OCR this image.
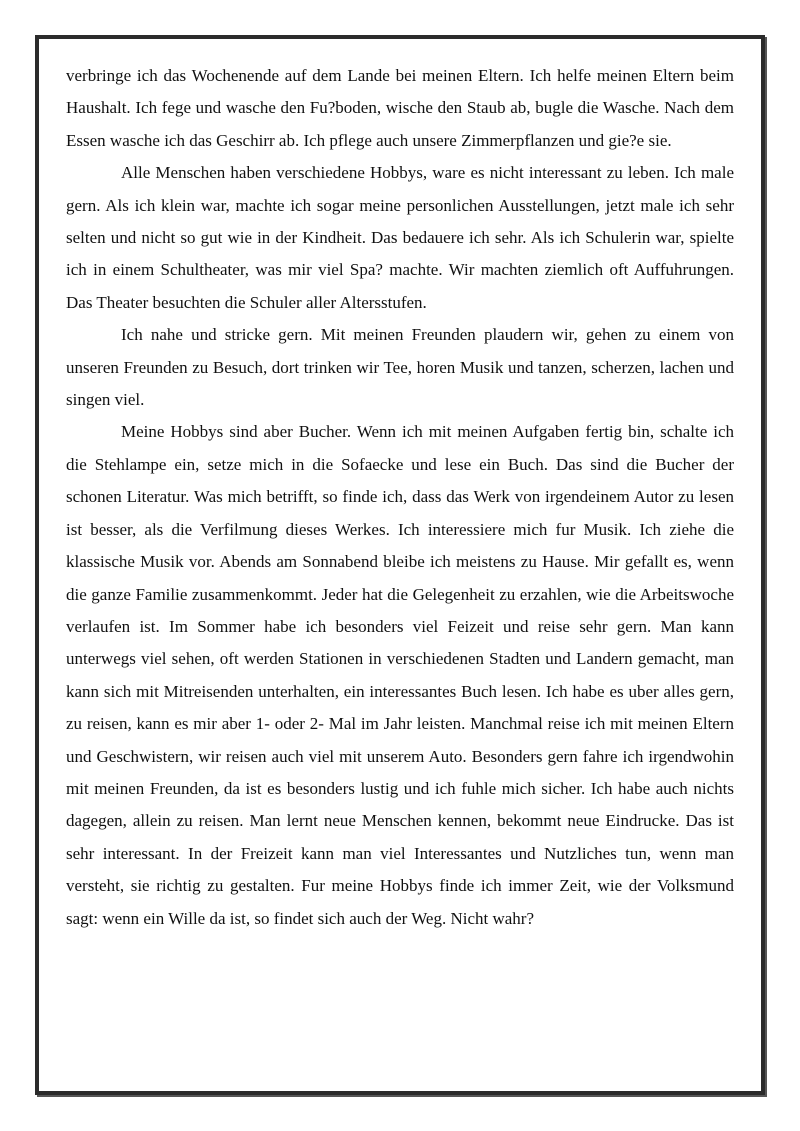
verbringe ich das Wochenende auf dem Lande bei meinen Eltern. Ich helfe meinen Eltern beim Haushalt. Ich fege und wasche den Fu?boden, wische den Staub ab, bugle die Wasche. Nach dem Essen wasche ich das Geschirr ab. Ich pflege auch unsere Zimmerpflanzen und gie?e sie.

Alle Menschen haben verschiedene Hobbys, ware es nicht interessant zu leben. Ich male gern. Als ich klein war, machte ich sogar meine personlichen Ausstellungen, jetzt male ich sehr selten und nicht so gut wie in der Kindheit. Das bedauere ich sehr. Als ich Schulerin war, spielte ich in einem Schultheater, was mir viel Spa? machte. Wir machten ziemlich oft Auffuhrungen. Das Theater besuchten die Schuler aller Altersstufen.

Ich nahe und stricke gern. Mit meinen Freunden plaudern wir, gehen zu einem von unseren Freunden zu Besuch, dort trinken wir Tee, horen Musik und tanzen, scherzen, lachen und singen viel.

Meine Hobbys sind aber Bucher. Wenn ich mit meinen Aufgaben fertig bin, schalte ich die Stehlampe ein, setze mich in die Sofaecke und lese ein Buch. Das sind die Bucher der schonen Literatur. Was mich betrifft, so finde ich, dass das Werk von irgendeinem Autor zu lesen ist besser, als die Verfilmung dieses Werkes. Ich interessiere mich fur Musik. Ich ziehe die klassische Musik vor. Abends am Sonnabend bleibe ich meistens zu Hause. Mir gefallt es, wenn die ganze Familie zusammenkommt. Jeder hat die Gelegenheit zu erzahlen, wie die Arbeitswoche verlaufen ist. Im Sommer habe ich besonders viel Feizeit und reise sehr gern. Man kann unterwegs viel sehen, oft werden Stationen in verschiedenen Stadten und Landern gemacht, man kann sich mit Mitreisenden unterhalten, ein interessantes Buch lesen. Ich habe es uber alles gern, zu reisen, kann es mir aber 1- oder 2- Mal im Jahr leisten. Manchmal reise ich mit meinen Eltern und Geschwistern, wir reisen auch viel mit unserem Auto. Besonders gern fahre ich irgendwohin mit meinen Freunden, da ist es besonders lustig und ich fuhle mich sicher. Ich habe auch nichts dagegen, allein zu reisen. Man lernt neue Menschen kennen, bekommt neue Eindrucke. Das ist sehr interessant. In der Freizeit kann man viel Interessantes und Nutzliches tun, wenn man versteht, sie richtig zu gestalten. Fur meine Hobbys finde ich immer Zeit, wie der Volksmund sagt: wenn ein Wille da ist, so findet sich auch der Weg. Nicht wahr?
